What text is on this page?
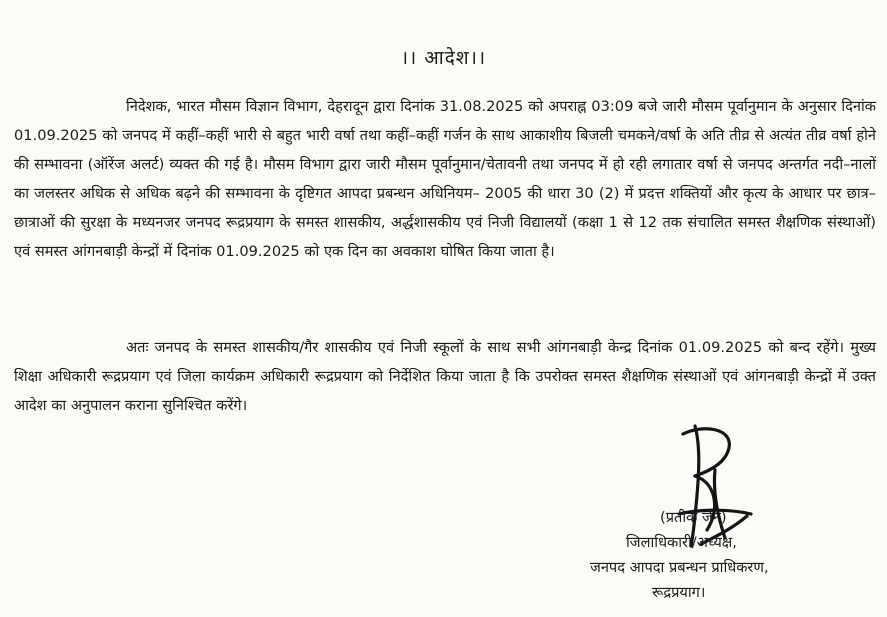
।। आदेश।।

निदेशक, भारत मौसम विज्ञान विभाग, देहरादून द्वारा दिनांक 31.08.2025 को अपराह्न 03:09 बजे जारी मौसम पूर्वानुमान के अनुसार दिनांक 01.09.2025 को जनपद में कहीं–कहीं भारी से बहुत भारी वर्षा तथा कहीं–कहीं गर्जन के साथ आकाशीय बिजली चमकने/वर्षा के अति तीव्र से अत्यंत तीव्र वर्षा होने की सम्भावना (ऑरेंज अलर्ट) व्यक्त की गई है। मौसम विभाग द्वारा जारी मौसम पूर्वानुमान/चेतावनी तथा जनपद में हो रही लगातार वर्षा से जनपद अन्तर्गत नदी–नालों का जलस्तर अधिक से अधिक बढ़ने की सम्भावना के दृष्टिगत आपदा प्रबन्धन अधिनियम– 2005 की धारा 30 (2) में प्रदत्त शक्तियों और कृत्य के आधार पर छात्र–छात्राओं की सुरक्षा के मध्यनजर जनपद रूद्रप्रयाग के समस्त शासकीय, अर्द्धशासकीय एवं निजी विद्यालयों (कक्षा 1 से 12 तक संचालित समस्त शैक्षणिक संस्थाओं) एवं समस्त आंगनबाड़ी केन्द्रों में दिनांक 01.09.2025 को एक दिन का अवकाश घोषित किया जाता है।

अतः जनपद के समस्त शासकीय/गैर शासकीय एवं निजी स्कूलों के साथ सभी आंगनबाड़ी केन्द्र दिनांक 01.09.2025 को बन्द रहेंगे। मुख्य शिक्षा अधिकारी रूद्रप्रयाग एवं जिला कार्यक्रम अधिकारी रूद्रप्रयाग को निर्देशित किया जाता है कि उपरोक्त समस्त शैक्षणिक संस्थाओं एवं आंगनबाड़ी केन्द्रों में उक्त आदेश का अनुपालन कराना सुनिश्चित करेंगे।

(प्रतीक जैन)
जिलाधिकारी/अध्यक्ष,
जनपद आपदा प्रबन्धन प्राधिकरण,
रूद्रप्रयाग।
